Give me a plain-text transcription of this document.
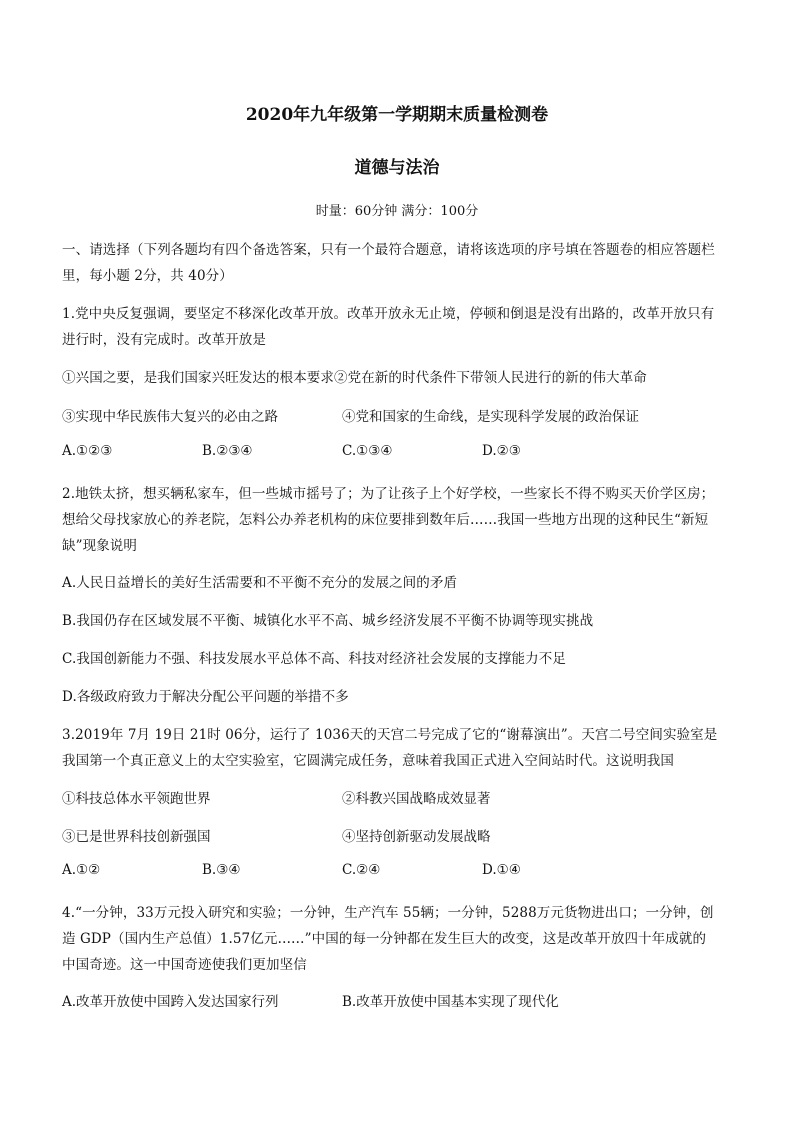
2020年九年级第一学期期末质量检测卷
道德与法治
时量：60分钟 满分：100分
一、请选择（下列各题均有四个备选答案，只有一个最符合题意，请将该选项的序号填在答题卷的相应答题栏
里，每小题 2分，共 40分）
1.党中央反复强调，要坚定不移深化改革开放。改革开放永无止境，停顿和倒退是没有出路的，改革开放只有
进行时，没有完成时。改革开放是
①兴国之要，是我们国家兴旺发达的根本要求②党在新的时代条件下带领人民进行的新的伟大革命
③实现中华民族伟大复兴的必由之路	④党和国家的生命线，是实现科学发展的政治保证
A.①②③	B.②③④	C.①③④	D.②③
2.地铁太挤，想买辆私家车，但一些城市摇号了；为了让孩子上个好学校，一些家长不得不购买天价学区房；
想给父母找家放心的养老院，怎料公办养老机构的床位要排到数年后……我国一些地方出现的这种民生“新短
缺”现象说明
A.人民日益增长的美好生活需要和不平衡不充分的发展之间的矛盾
B.我国仍存在区域发展不平衡、城镇化水平不高、城乡经济发展不平衡不协调等现实挑战
C.我国创新能力不强、科技发展水平总体不高、科技对经济社会发展的支撑能力不足
D.各级政府致力于解决分配公平问题的举措不多
3.2019年 7月 19日 21时 06分，运行了 1036天的天宫二号完成了它的“谢幕演出”。天宫二号空间实验室是
我国第一个真正意义上的太空实验室，它圆满完成任务，意味着我国正式进入空间站时代。这说明我国
①科技总体水平领跑世界	②科教兴国战略成效显著
③已是世界科技创新强国	④坚持创新驱动发展战略
A.①②	B.③④	C.②④	D.①④
4.“一分钟，33万元投入研究和实验；一分钟，生产汽车 55辆；一分钟，5288万元货物进出口；一分钟，创
造 GDP（国内生产总值）1.57亿元……”中国的每一分钟都在发生巨大的改变，这是改革开放四十年成就的
中国奇迹。这一中国奇迹使我们更加坚信
A.改革开放使中国跨入发达国家行列	B.改革开放使中国基本实现了现代化
